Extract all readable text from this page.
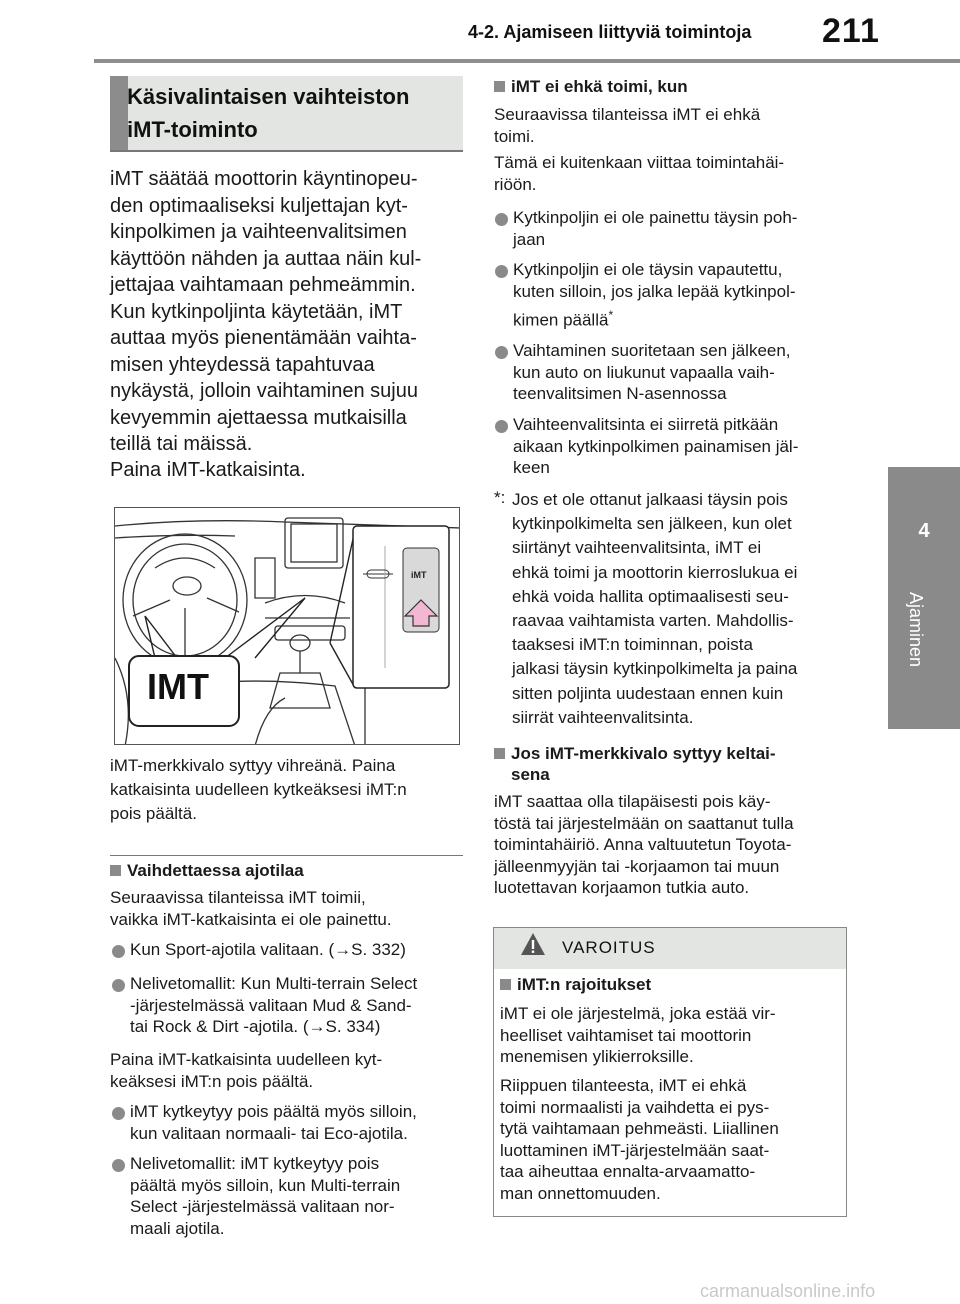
4-2. Ajamiseen liittyviä toimintoja 211
4
Ajaminen
Käsivalintaisen vaihteiston
iMT-toiminto
iMT säätää moottorin käyntinopeu-
den optimaaliseksi kuljettajan kyt-
kinpolkimen ja vaihteenvalitsimen
käyttöön nähden ja auttaa näin kul-
jettajaa vaihtamaan pehmeämmin.
Kun kytkinpoljinta käytetään, iMT
auttaa myös pienentämään vaihta-
misen yhteydessä tapahtuvaa
nykäystä, jolloin vaihtaminen sujuu
kevyemmin ajettaessa mutkaisilla
teillä tai mäissä.
Paina iMT-katkaisinta.
IMT
iMT
iMT-merkkivalo syttyy vihreänä. Paina
katkaisinta uudelleen kytkeäksesi iMT:n
pois päältä.
Vaihdettaessa ajotilaa
Seuraavissa tilanteissa iMT toimii,
vaikka iMT-katkaisinta ei ole painettu.
Kun Sport-ajotila valitaan. (→S. 332)
Nelivetomallit: Kun Multi-terrain Select
-järjestelmässä valitaan Mud & Sand-
tai Rock & Dirt -ajotila. (→S. 334)
Paina iMT-katkaisinta uudelleen kyt-
keäksesi iMT:n pois päältä.
iMT kytkeytyy pois päältä myös silloin,
kun valitaan normaali- tai Eco-ajotila.
Nelivetomallit: iMT kytkeytyy pois
päältä myös silloin, kun Multi-terrain
Select -järjestelmässä valitaan nor-
maali ajotila.
iMT ei ehkä toimi, kun
Seuraavissa tilanteissa iMT ei ehkä
toimi.
Tämä ei kuitenkaan viittaa toimintahäi-
riöön.
Kytkinpoljin ei ole painettu täysin poh-
jaan
Kytkinpoljin ei ole täysin vapautettu,
kuten silloin, jos jalka lepää kytkinpol-
kimen päällä*
Vaihtaminen suoritetaan sen jälkeen,
kun auto on liukunut vapaalla vaih-
teenvalitsimen N-asennossa
Vaihteenvalitsinta ei siirretä pitkään
aikaan kytkinpolkimen painamisen jäl-
keen
*: Jos et ole ottanut jalkaasi täysin pois
kytkinpolkimelta sen jälkeen, kun olet
siirtänyt vaihteenvalitsinta, iMT ei
ehkä toimi ja moottorin kierroslukua ei
ehkä voida hallita optimaalisesti seu-
raavaa vaihtamista varten. Mahdollis-
taaksesi iMT:n toiminnan, poista
jalkasi täysin kytkinpolkimelta ja paina
sitten poljinta uudestaan ennen kuin
siirrät vaihteenvalitsinta.
Jos iMT-merkkivalo syttyy keltai-
sena
iMT saattaa olla tilapäisesti pois käy-
töstä tai järjestelmään on saattanut tulla
toimintahäiriö. Anna valtuutetun Toyota-
jälleenmyyjän tai -korjaamon tai muun
luotettavan korjaamon tutkia auto.
VAROITUS
iMT:n rajoitukset
iMT ei ole järjestelmä, joka estää vir-
heelliset vaihtamiset tai moottorin
menemisen ylikierroksille.
Riippuen tilanteesta, iMT ei ehkä
toimi normaalisti ja vaihdetta ei pys-
tytä vaihtamaan pehmeästi. Liiallinen
luottaminen iMT-järjestelmään saat-
taa aiheuttaa ennalta-arvaamatto-
man onnettomuuden.
carmanualsonline.info
